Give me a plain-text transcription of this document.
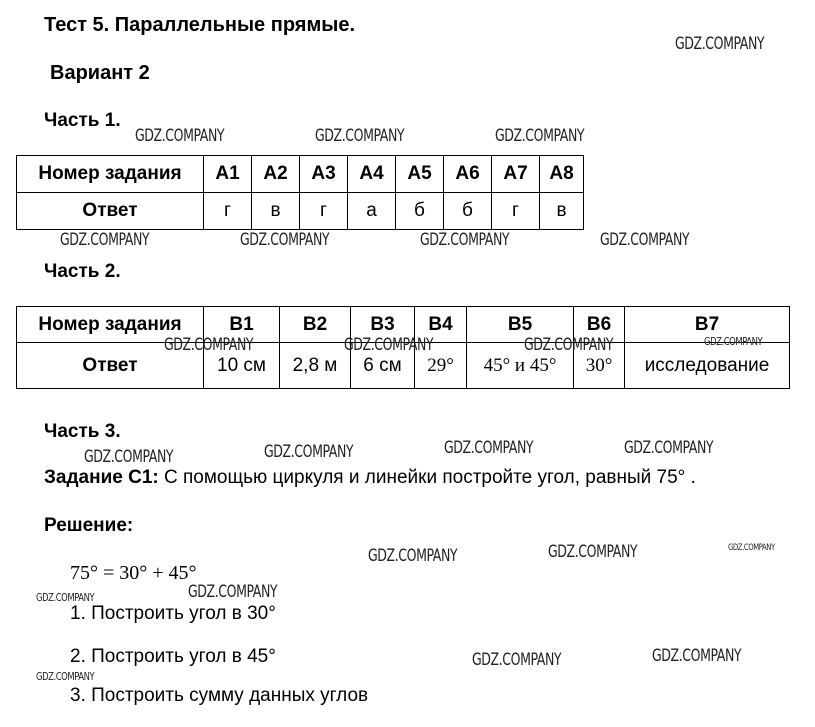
Тест 5. Параллельные прямые.
Вариант 2
Часть 1.
Номер задания	А1	А2	А3	А4	А5	А6	А7	А8
Ответ	г	в	г	а	б	б	г	в
Часть 2.
Номер задания	В1	В2	В3	В4	В5	В6	В7
Ответ	10 см	2,8 м	6 см	29°	45° и 45°	30°	исследование
Часть 3.
Задание С1: С помощью циркуля и линейки постройте угол, равный 75° .
Решение:
75° = 30° + 45°
1. Построить угол в 30°
2. Построить угол в 45°
3. Построить сумму данных углов
GDZ.COMPANY
GDZ.COMPANY	GDZ.COMPANY	GDZ.COMPANY
GDZ.COMPANY	GDZ.COMPANY	GDZ.COMPANY	GDZ.COMPANY
GDZ.COMPANY	GDZ.COMPANY	GDZ.COMPANY	GDZ.COMPANY
GDZ.COMPANY	GDZ.COMPANY	GDZ.COMPANY	GDZ.COMPANY
GDZ.COMPANY	GDZ.COMPANY	GDZ.COMPANY
GDZ.COMPANY	GDZ.COMPANY
GDZ.COMPANY	GDZ.COMPANY
GDZ.COMPANY
